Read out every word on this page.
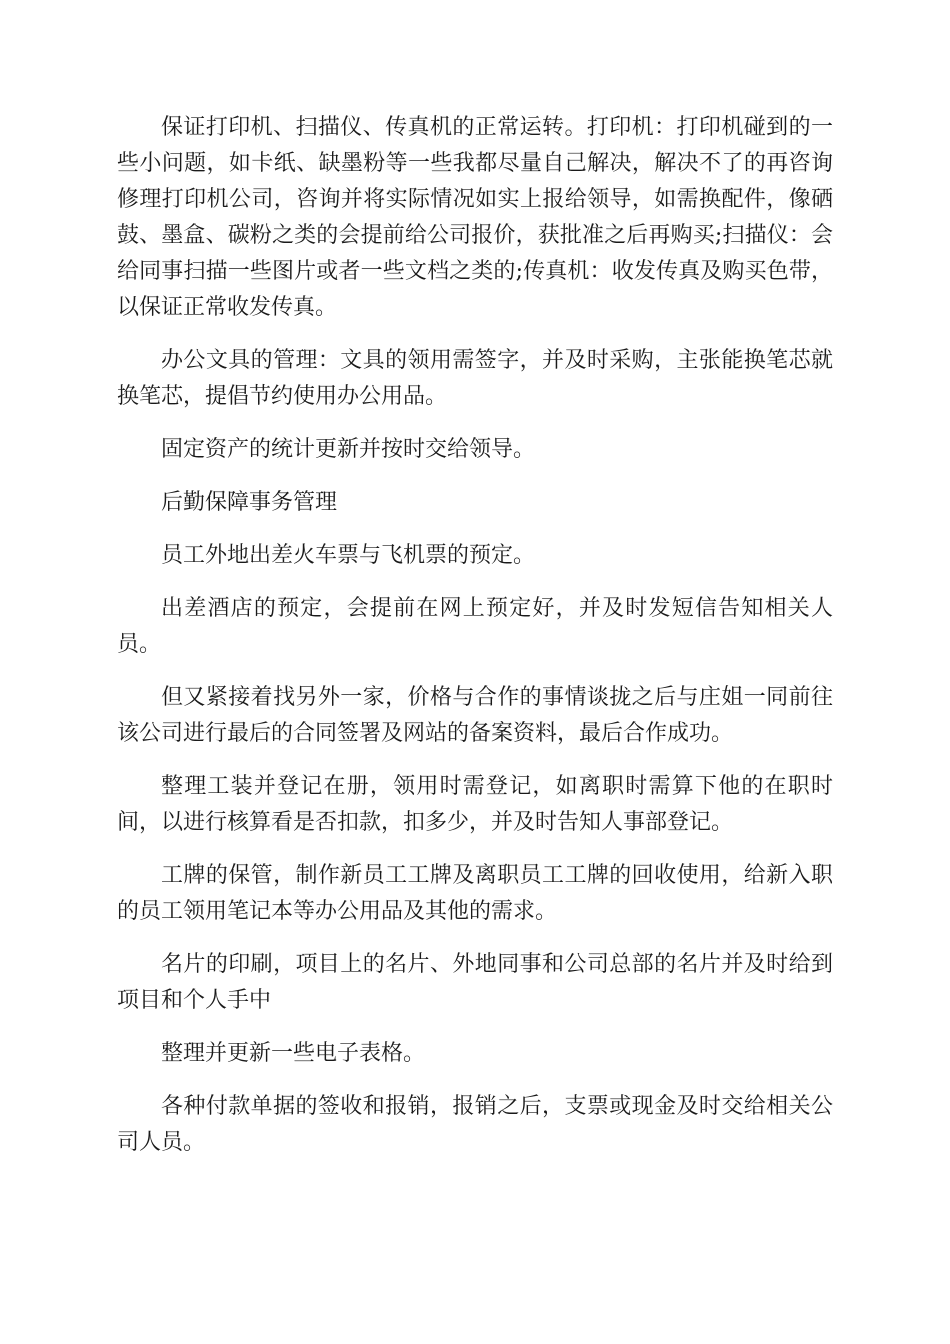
保证打印机、扫描仪、传真机的正常运转。打印机：打印机碰到的一些小问题，如卡纸、缺墨粉等一些我都尽量自己解决，解决不了的再咨询修理打印机公司，咨询并将实际情况如实上报给领导，如需换配件，像硒鼓、墨盒、碳粉之类的会提前给公司报价，获批准之后再购买;扫描仪：会给同事扫描一些图片或者一些文档之类的;传真机：收发传真及购买色带，以保证正常收发传真。

办公文具的管理：文具的领用需签字，并及时采购，主张能换笔芯就换笔芯，提倡节约使用办公用品。

固定资产的统计更新并按时交给领导。

后勤保障事务管理

员工外地出差火车票与飞机票的预定。

出差酒店的预定，会提前在网上预定好，并及时发短信告知相关人员。

但又紧接着找另外一家，价格与合作的事情谈拢之后与庄姐一同前往该公司进行最后的合同签署及网站的备案资料，最后合作成功。

整理工装并登记在册，领用时需登记，如离职时需算下他的在职时间，以进行核算看是否扣款，扣多少，并及时告知人事部登记。

工牌的保管，制作新员工工牌及离职员工工牌的回收使用，给新入职的员工领用笔记本等办公用品及其他的需求。

名片的印刷，项目上的名片、外地同事和公司总部的名片并及时给到项目和个人手中

整理并更新一些电子表格。

各种付款单据的签收和报销，报销之后，支票或现金及时交给相关公司人员。
